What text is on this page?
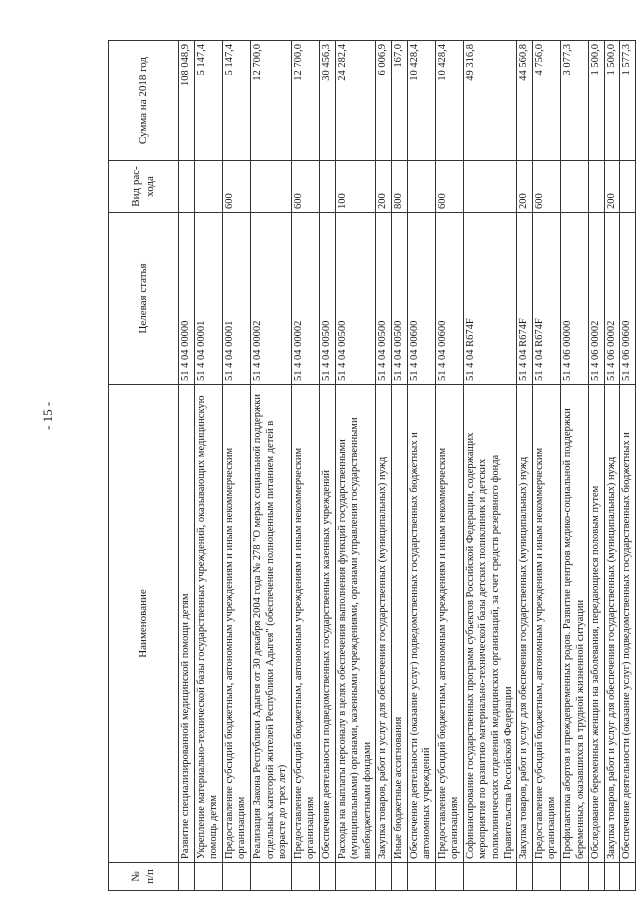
- 15 -
№ п/п	Наименование	Целевая статья	Вид рас- хода	Сумма на 2018 год
	Развитие специализированной медицинской помощи детям	51 4 04 00000		108 048,9
	Укрепление материально-технической базы государственных учреждений, оказывающих медицинскую помощь детям	51 4 04 00001		5 147,4
	Предоставление субсидий бюджетным, автономным учреждениям и иным некоммерческим организациям	51 4 04 00001	600	5 147,4
	Реализация Закона Республики Адыгея от 30 декабря 2004 года № 278 "О мерах социальной поддержки отдельных категорий жителей Республики Адыгея" (обеспечение полноценным питанием детей в возрасте до трех лет)	51 4 04 00002		12 700,0
	Предоставление субсидий бюджетным, автономным учреждениям и иным некоммерческим организациям	51 4 04 00002	600	12 700,0
	Обеспечение деятельности подведомственных государственных казенных учреждений	51 4 04 00500		30 456,3
	Расходы на выплаты персоналу в целях обеспечения выполнения функций государственными (муниципальными) органами, казенными учреждениями, органами управления государственными внебюджетными фондами	51 4 04 00500	100	24 282,4
	Закупка товаров, работ и услуг для обеспечения государственных (муниципальных) нужд	51 4 04 00500	200	6 006,9
	Иные бюджетные ассигнования	51 4 04 00500	800	167,0
	Обеспечение деятельности (оказание услуг) подведомственных государственных бюджетных и автономных учреждений	51 4 04 00600		10 428,4
	Предоставление субсидий бюджетным, автономным учреждениям и иным некоммерческим организациям	51 4 04 00600	600	10 428,4
	Софинансирование государственных программ субъектов Российской Федерации, содержащих мероприятия по развитию материально-технической базы детских поликлиник и детских поликлинических отделений медицинских организаций, за счет средств резервного фонда Правительства Российской Федерации	51 4 04 R674F		49 316,8
	Закупка товаров, работ и услуг для обеспечения государственных (муниципальных) нужд	51 4 04 R674F	200	44 560,8
	Предоставление субсидий бюджетным, автономным учреждениям и иным некоммерческим организациям	51 4 04 R674F	600	4 756,0
	Профилактика абортов и преждевременных родов. Развитие центров медико-социальной поддержки беременных, оказавшихся в трудной жизненной ситуации	51 4 06 00000		3 077,3
	Обследование беременных женщин на заболевания, передающиеся половым путем	51 4 06 00002		1 500,0
	Закупка товаров, работ и услуг для обеспечения государственных (муниципальных) нужд	51 4 06 00002	200	1 500,0
	Обеспечение деятельности (оказание услуг) подведомственных государственных бюджетных и	51 4 06 00600		1 577,3
